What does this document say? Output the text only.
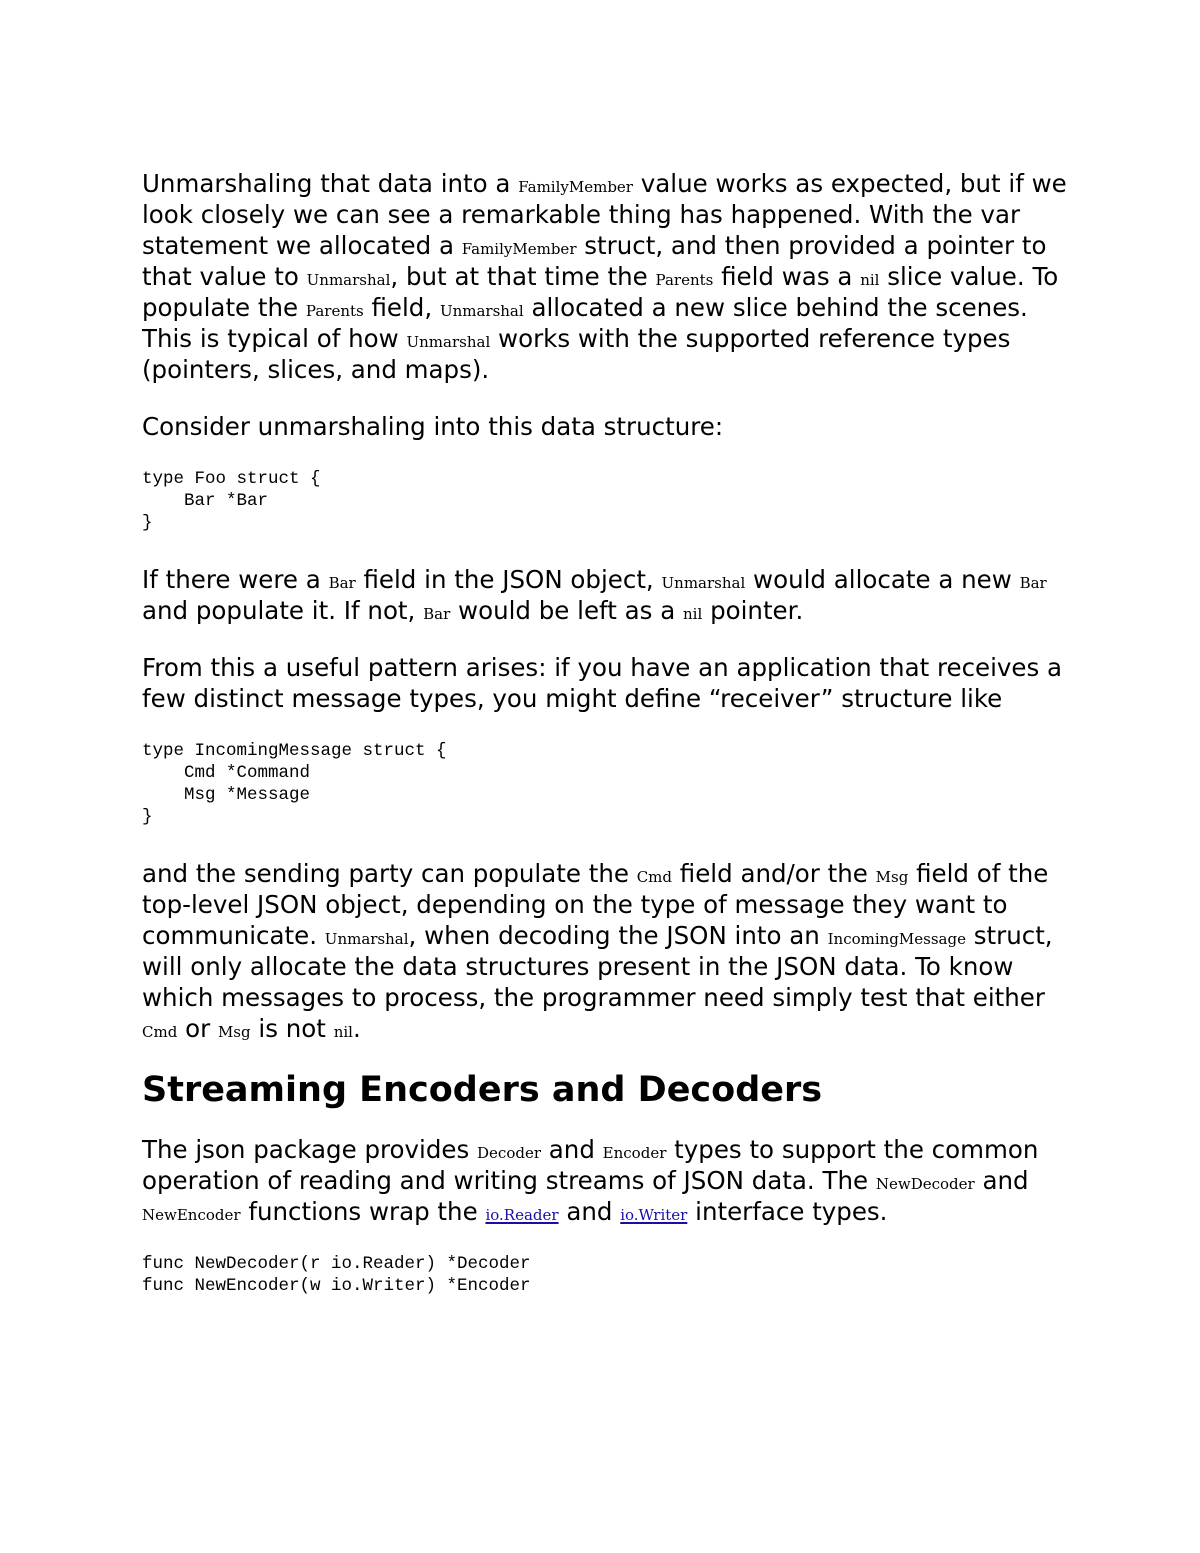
Unmarshaling that data into a FamilyMember value works as expected, but if we look closely we can see a remarkable thing has happened. With the var statement we allocated a FamilyMember struct, and then provided a pointer to that value to Unmarshal, but at that time the Parents field was a nil slice value. To populate the Parents field, Unmarshal allocated a new slice behind the scenes. This is typical of how Unmarshal works with the supported reference types (pointers, slices, and maps).

Consider unmarshaling into this data structure:

type Foo struct {
Bar *Bar
}

If there were a Bar field in the JSON object, Unmarshal would allocate a new Bar and populate it. If not, Bar would be left as a nil pointer.

From this a useful pattern arises: if you have an application that receives a few distinct message types, you might define “receiver” structure like

type IncomingMessage struct {
Cmd *Command
Msg *Message
}

and the sending party can populate the Cmd field and/or the Msg field of the top-level JSON object, depending on the type of message they want to communicate. Unmarshal, when decoding the JSON into an IncomingMessage struct, will only allocate the data structures present in the JSON data. To know which messages to process, the programmer need simply test that either Cmd or Msg is not nil.

Streaming Encoders and Decoders

The json package provides Decoder and Encoder types to support the common operation of reading and writing streams of JSON data. The NewDecoder and NewEncoder functions wrap the io.Reader and io.Writer interface types.

func NewDecoder(r io.Reader) *Decoder
func NewEncoder(w io.Writer) *Encoder
